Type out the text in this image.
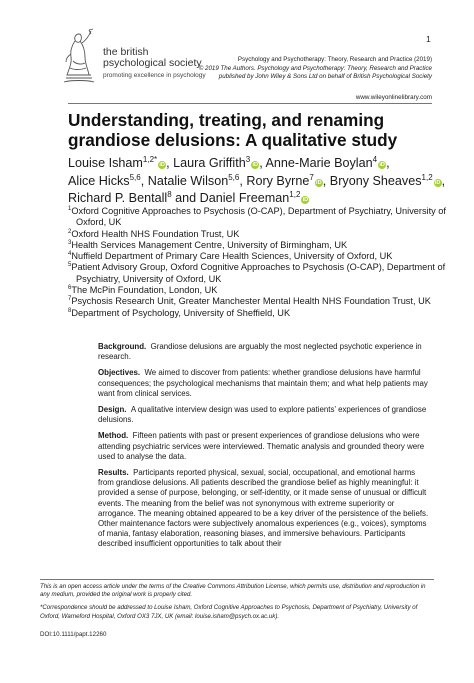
the british
psychological society
promoting excellence in psychology
1
Psychology and Psychotherapy: Theory, Research and Practice (2019)
© 2019 The Authors. Psychology and Psychotherapy: Theory, Research and Practice
published by John Wiley & Sons Ltd on behalf of British Psychological Society
www.wileyonlinelibrary.com
Understanding, treating, and renaming grandiose delusions: A qualitative study
Louise Isham$^{1,2*}$iD, Laura Griffith$^3$iD, Anne-Marie Boylan$^4$iD, Alice Hicks$^{5,6}$, Natalie Wilson$^{5,6}$, Rory Byrne$^7$iD, Bryony Sheaves$^{1,2}$iD, Richard P. Bentall$^8$ and Daniel Freeman$^{1,2}$iD
$^1$Oxford Cognitive Approaches to Psychosis (O-CAP), Department of Psychiatry, University of Oxford, UK
$^2$Oxford Health NHS Foundation Trust, UK
$^3$Health Services Management Centre, University of Birmingham, UK
$^4$Nuffield Department of Primary Care Health Sciences, University of Oxford, UK
$^5$Patient Advisory Group, Oxford Cognitive Approaches to Psychosis (O-CAP), Department of Psychiatry, University of Oxford, UK
$^6$The McPin Foundation, London, UK
$^7$Psychosis Research Unit, Greater Manchester Mental Health NHS Foundation Trust, UK
$^8$Department of Psychology, University of Sheffield, UK

Background. Grandiose delusions are arguably the most neglected psychotic experience in research.

Objectives. We aimed to discover from patients: whether grandiose delusions have harmful consequences; the psychological mechanisms that maintain them; and what help patients may want from clinical services.

Design. A qualitative interview design was used to explore patients’ experiences of grandiose delusions.

Method. Fifteen patients with past or present experiences of grandiose delusions who were attending psychiatric services were interviewed. Thematic analysis and grounded theory were used to analyse the data.

Results. Participants reported physical, sexual, social, occupational, and emotional harms from grandiose delusions. All patients described the grandiose belief as highly meaningful: it provided a sense of purpose, belonging, or self-identity, or it made sense of unusual or difficult events. The meaning from the belief was not synonymous with extreme superiority or arrogance. The meaning obtained appeared to be a key driver of the persistence of the beliefs. Other maintenance factors were subjectively anomalous experiences (e.g., voices), symptoms of mania, fantasy elaboration, reasoning biases, and immersive behaviours. Participants described insufficient opportunities to talk about their

This is an open access article under the terms of the Creative Commons Attribution License, which permits use, distribution and reproduction in any medium, provided the original work is properly cited.

*Correspondence should be addressed to Louise Isham, Oxford Cognitive Approaches to Psychosis, Department of Psychiatry, University of Oxford, Warneford Hospital, Oxford OX3 7JX, UK (email: louise.isham@psych.ox.ac.uk).

DOI:10.1111/papt.12260
